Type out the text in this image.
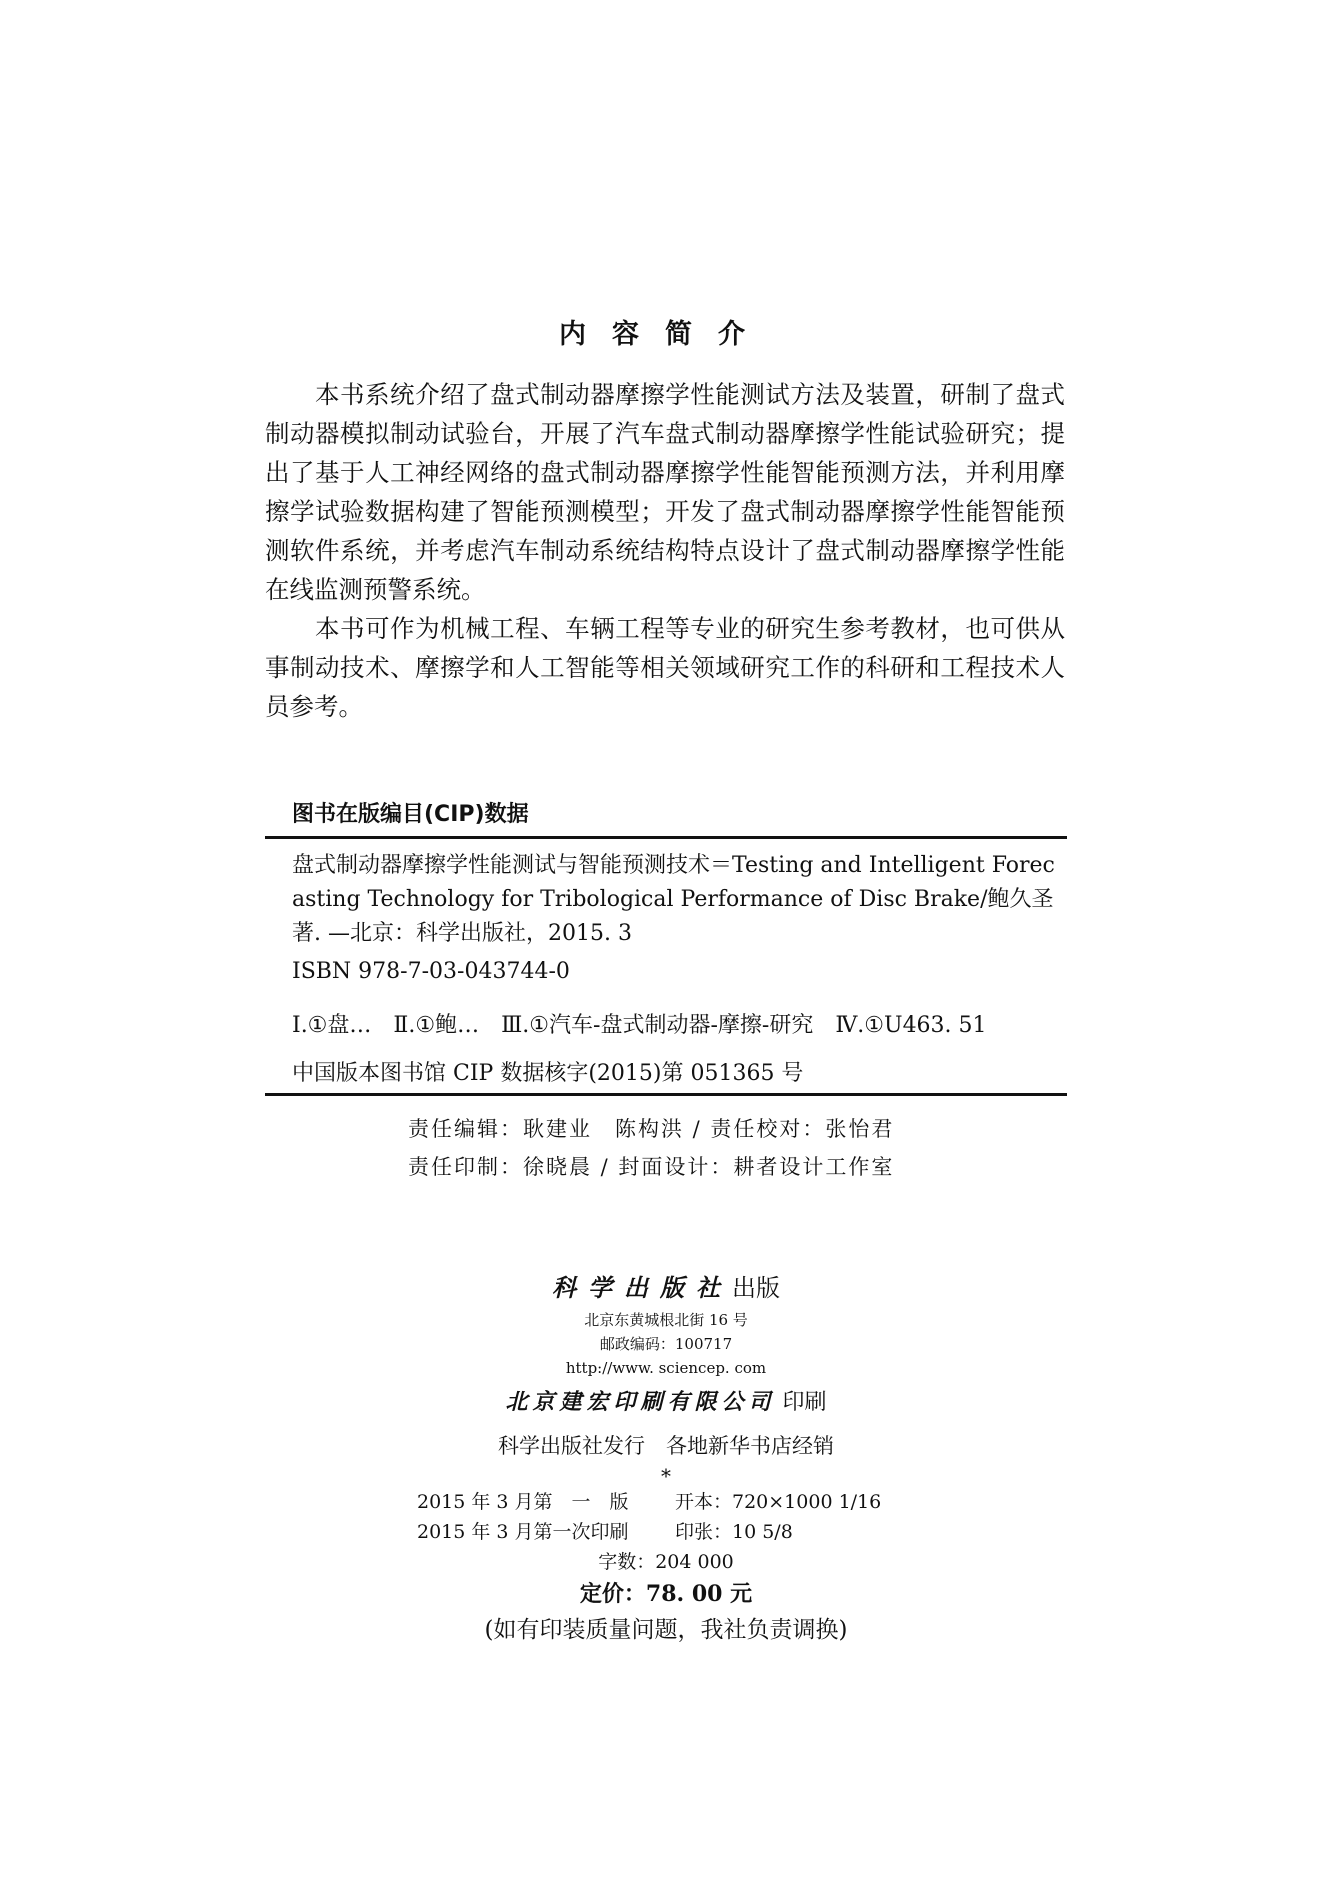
内容简介

本书系统介绍了盘式制动器摩擦学性能测试方法及装置，研制了盘式制动器模拟制动试验台，开展了汽车盘式制动器摩擦学性能试验研究；提出了基于人工神经网络的盘式制动器摩擦学性能智能预测方法，并利用摩擦学试验数据构建了智能预测模型；开发了盘式制动器摩擦学性能智能预测软件系统，并考虑汽车制动系统结构特点设计了盘式制动器摩擦学性能在线监测预警系统。

本书可作为机械工程、车辆工程等专业的研究生参考教材，也可供从事制动技术、摩擦学和人工智能等相关领域研究工作的科研和工程技术人员参考。

图书在版编目(CIP)数据

盘式制动器摩擦学性能测试与智能预测技术＝Testing and Intelligent Forecasting Technology for Tribological Performance of Disc Brake/鲍久圣著. —北京：科学出版社，2015. 3

ISBN 978-7-03-043744-0

Ⅰ.①盘… Ⅱ.①鲍… Ⅲ.①汽车-盘式制动器-摩擦-研究 Ⅳ.①U463. 51

中国版本图书馆 CIP 数据核字(2015)第 051365 号

责任编辑：耿建业　陈构洪 / 责任校对：张怡君
责任印制：徐晓晨 / 封面设计：耕者设计工作室
科学出版社出版
北京东黄城根北街 16 号
邮政编码：100717
http://www. sciencep. com
北京建宏印刷有限公司 印刷
科学出版社发行　各地新华书店经销
*
2015 年 3 月第　一　版 开本：720×1000 1/16
2015 年 3 月第一次印刷 印张：10 5/8
字数：204 000
定价：78. 00 元
(如有印装质量问题，我社负责调换)
